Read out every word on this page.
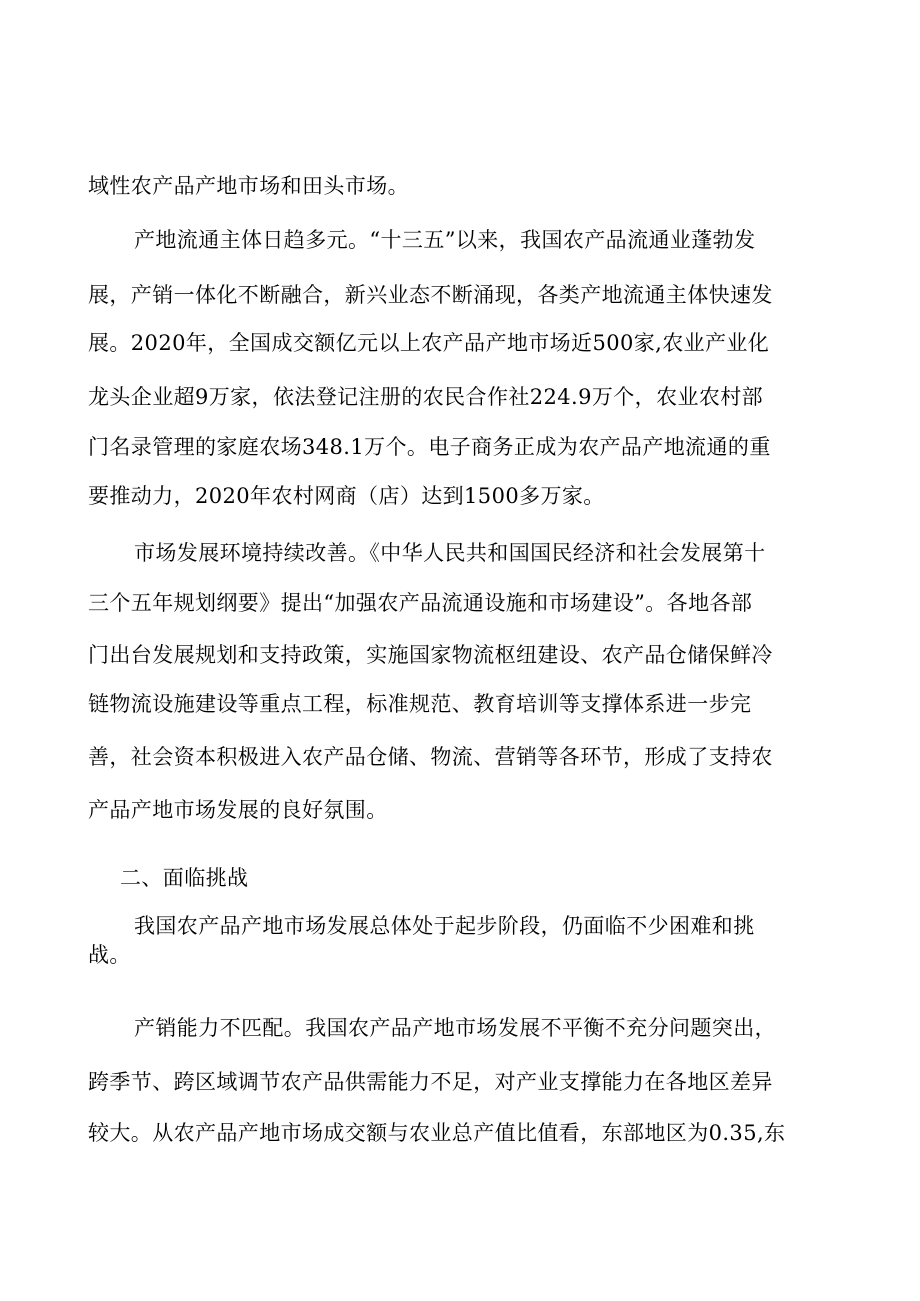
域性农产品产地市场和田头市场。
产地流通主体日趋多元。“十三五”以来，我国农产品流通业蓬勃发
展，产销一体化不断融合，新兴业态不断涌现，各类产地流通主体快速发
展。2020年，全国成交额亿元以上农产品产地市场近500家,农业产业化
龙头企业超9万家，依法登记注册的农民合作社224.9万个，农业农村部
门名录管理的家庭农场348.1万个。电子商务正成为农产品产地流通的重
要推动力，2020年农村网商（店）达到1500多万家。
市场发展环境持续改善。《中华人民共和国国民经济和社会发展第十
三个五年规划纲要》提出“加强农产品流通设施和市场建设”。各地各部
门出台发展规划和支持政策，实施国家物流枢纽建设、农产品仓储保鲜冷
链物流设施建设等重点工程，标准规范、教育培训等支撑体系进一步完
善，社会资本积极进入农产品仓储、物流、营销等各环节，形成了支持农
产品产地市场发展的良好氛围。
二、面临挑战
我国农产品产地市场发展总体处于起步阶段，仍面临不少困难和挑
战。
产销能力不匹配。我国农产品产地市场发展不平衡不充分问题突出，
跨季节、跨区域调节农产品供需能力不足，对产业支撑能力在各地区差异
较大。从农产品产地市场成交额与农业总产值比值看，东部地区为0.35,东
